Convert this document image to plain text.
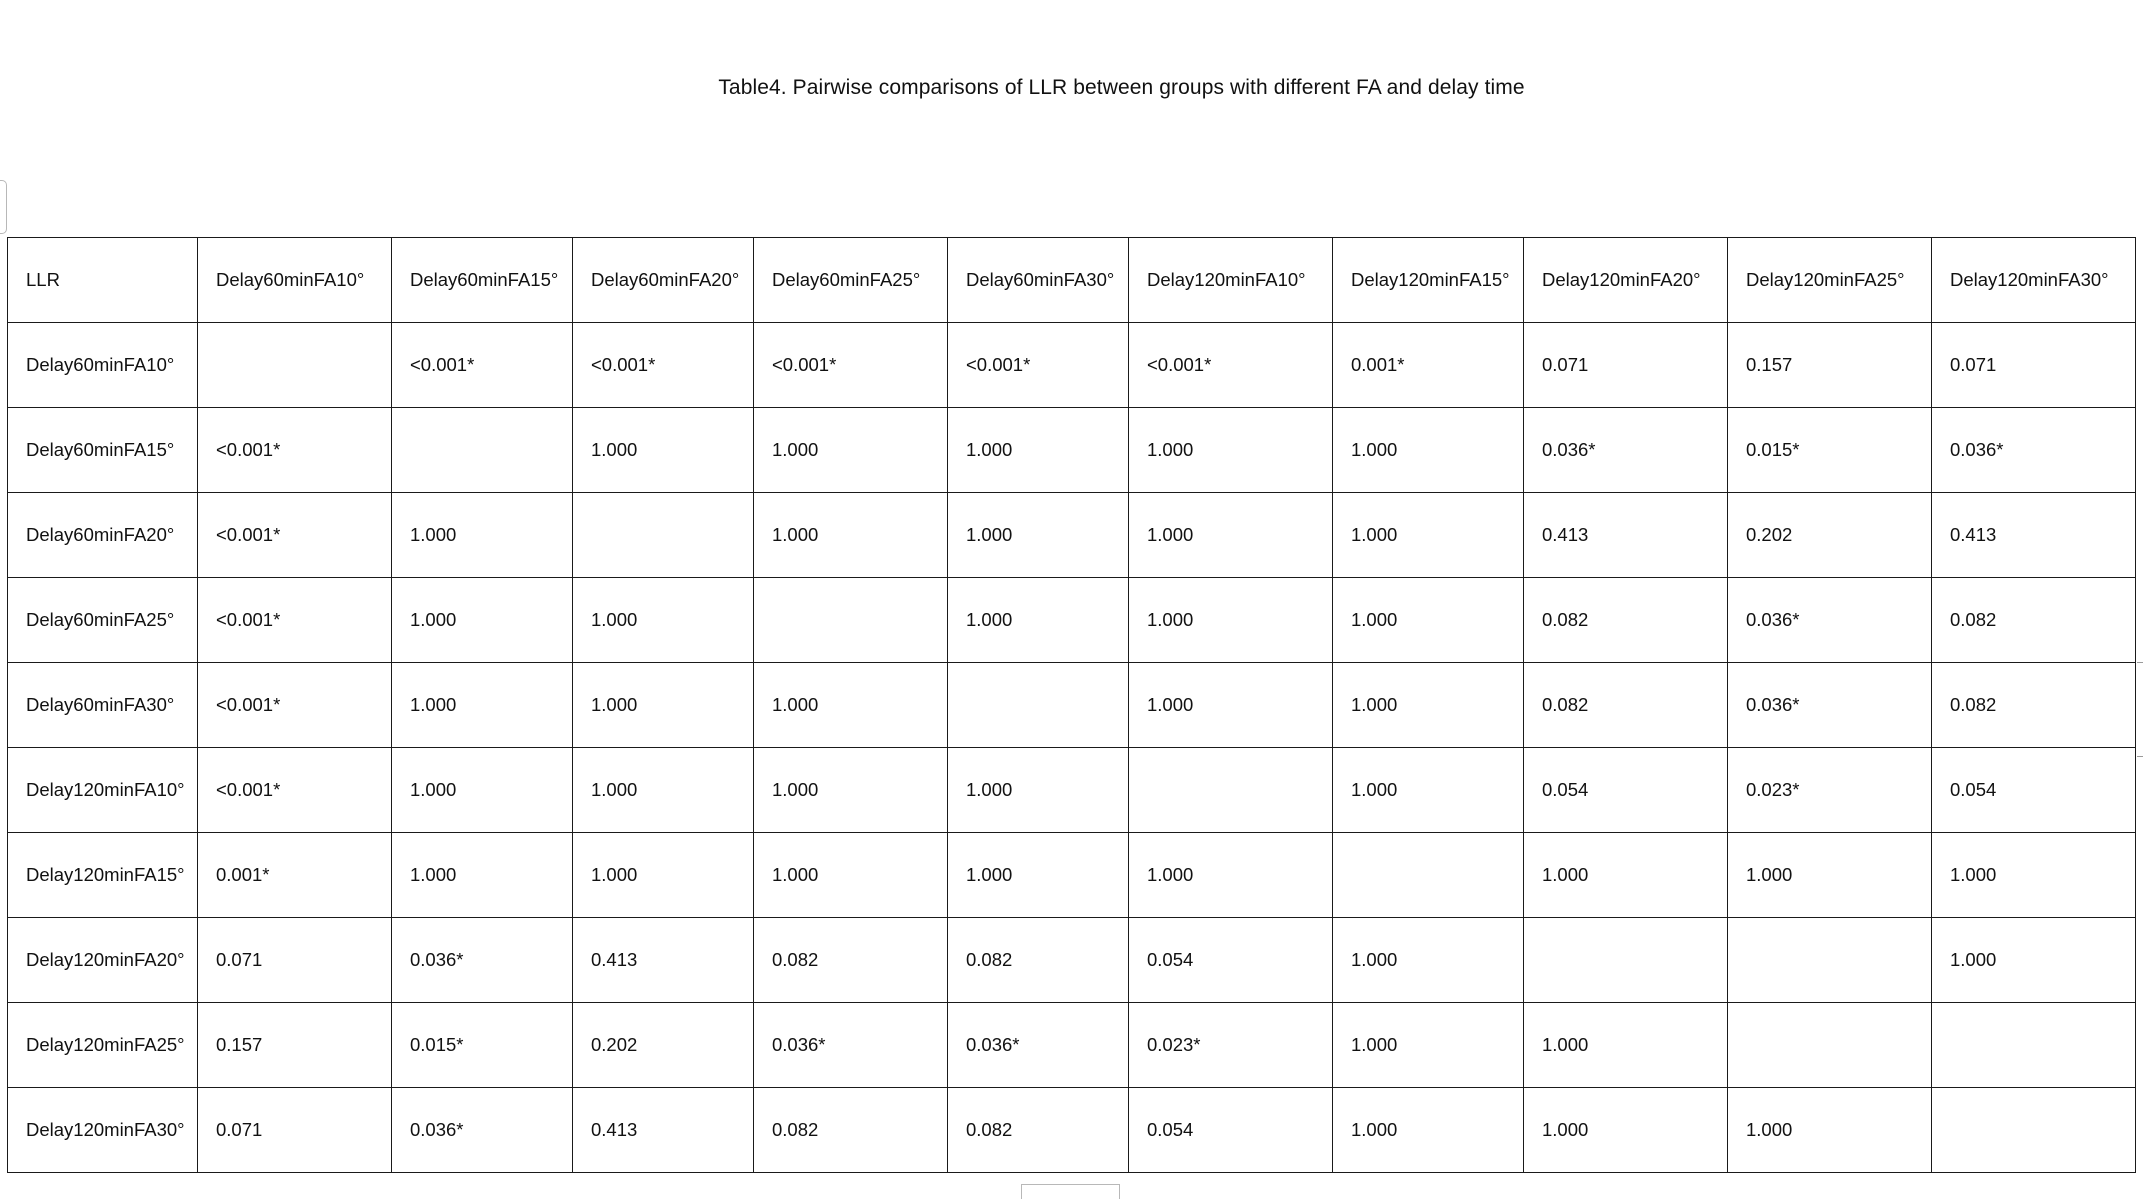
Table4. Pairwise comparisons of LLR between groups with different FA and delay time
LLR	Delay60minFA10°	Delay60minFA15°	Delay60minFA20°	Delay60minFA25°	Delay60minFA30°	Delay120minFA10°	Delay120minFA15°	Delay120minFA20°	Delay120minFA25°	Delay120minFA30°
Delay60minFA10°		<0.001*	<0.001*	<0.001*	<0.001*	<0.001*	0.001*	0.071	0.157	0.071
Delay60minFA15°	<0.001*		1.000	1.000	1.000	1.000	1.000	0.036*	0.015*	0.036*
Delay60minFA20°	<0.001*	1.000		1.000	1.000	1.000	1.000	0.413	0.202	0.413
Delay60minFA25°	<0.001*	1.000	1.000		1.000	1.000	1.000	0.082	0.036*	0.082
Delay60minFA30°	<0.001*	1.000	1.000	1.000		1.000	1.000	0.082	0.036*	0.082
Delay120minFA10°	<0.001*	1.000	1.000	1.000	1.000		1.000	0.054	0.023*	0.054
Delay120minFA15°	0.001*	1.000	1.000	1.000	1.000	1.000		1.000	1.000	1.000
Delay120minFA20°	0.071	0.036*	0.413	0.082	0.082	0.054	1.000			1.000
Delay120minFA25°	0.157	0.015*	0.202	0.036*	0.036*	0.023*	1.000	1.000		
Delay120minFA30°	0.071	0.036*	0.413	0.082	0.082	0.054	1.000	1.000	1.000	
